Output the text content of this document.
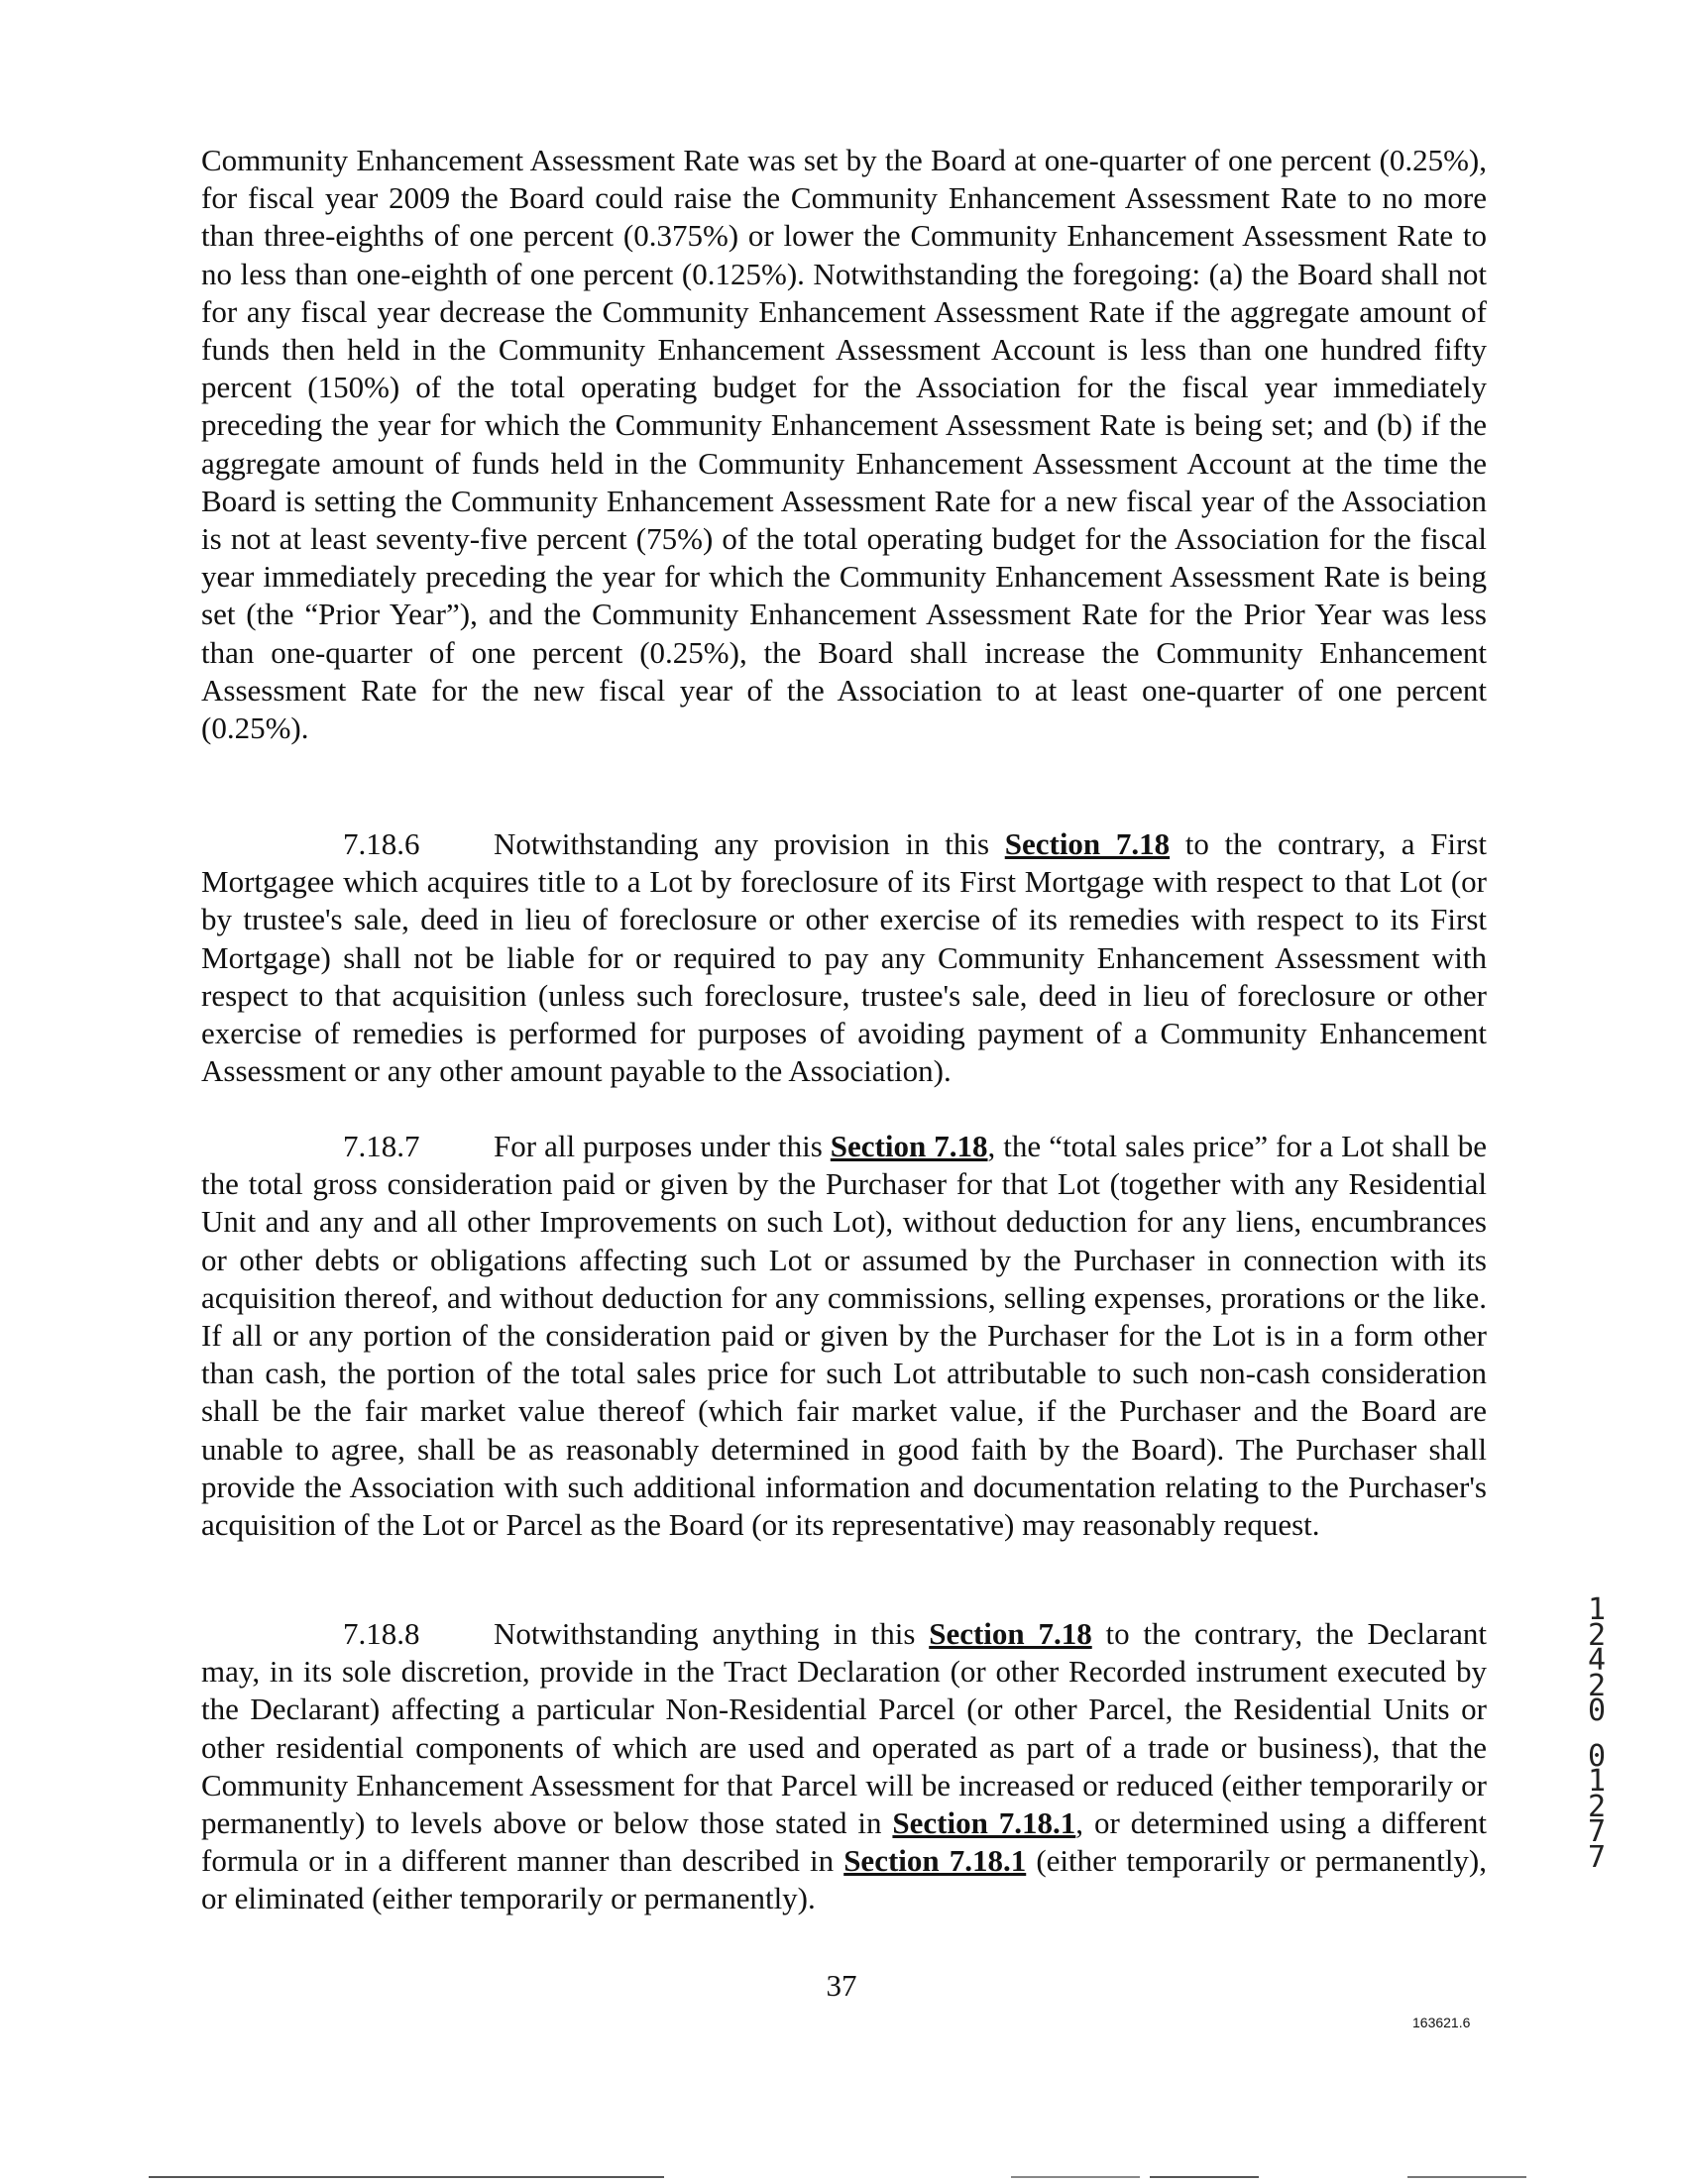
Community Enhancement Assessment Rate was set by the Board at one-quarter of one percent (0.25%), for fiscal year 2009 the Board could raise the Community Enhancement Assessment Rate to no more than three-eighths of one percent (0.375%) or lower the Community Enhancement Assessment Rate to no less than one-eighth of one percent (0.125%). Notwithstanding the foregoing: (a) the Board shall not for any fiscal year decrease the Community Enhancement Assessment Rate if the aggregate amount of funds then held in the Community Enhancement Assessment Account is less than one hundred fifty percent (150%) of the total operating budget for the Association for the fiscal year immediately preceding the year for which the Community Enhancement Assessment Rate is being set; and (b) if the aggregate amount of funds held in the Community Enhancement Assessment Account at the time the Board is setting the Community Enhancement Assessment Rate for a new fiscal year of the Association is not at least seventy-five percent (75%) of the total operating budget for the Association for the fiscal year immediately preceding the year for which the Community Enhancement Assessment Rate is being set (the “Prior Year”), and the Community Enhancement Assessment Rate for the Prior Year was less than one-quarter of one percent (0.25%), the Board shall increase the Community Enhancement Assessment Rate for the new fiscal year of the Association to at least one-quarter of one percent (0.25%).

7.18.6 Notwithstanding any provision in this Section 7.18 to the contrary, a First Mortgagee which acquires title to a Lot by foreclosure of its First Mortgage with respect to that Lot (or by trustee's sale, deed in lieu of foreclosure or other exercise of its remedies with respect to its First Mortgage) shall not be liable for or required to pay any Community Enhancement Assessment with respect to that acquisition (unless such foreclosure, trustee's sale, deed in lieu of foreclosure or other exercise of remedies is performed for purposes of avoiding payment of a Community Enhancement Assessment or any other amount payable to the Association).

7.18.7 For all purposes under this Section 7.18, the “total sales price” for a Lot shall be the total gross consideration paid or given by the Purchaser for that Lot (together with any Residential Unit and any and all other Improvements on such Lot), without deduction for any liens, encumbrances or other debts or obligations affecting such Lot or assumed by the Purchaser in connection with its acquisition thereof, and without deduction for any commissions, selling expenses, prorations or the like. If all or any portion of the consideration paid or given by the Purchaser for the Lot is in a form other than cash, the portion of the total sales price for such Lot attributable to such non-cash consideration shall be the fair market value thereof (which fair market value, if the Purchaser and the Board are unable to agree, shall be as reasonably determined in good faith by the Board). The Purchaser shall provide the Association with such additional information and documentation relating to the Purchaser's acquisition of the Lot or Parcel as the Board (or its representative) may reasonably request.

7.18.8 Notwithstanding anything in this Section 7.18 to the contrary, the Declarant may, in its sole discretion, provide in the Tract Declaration (or other Recorded instrument executed by the Declarant) affecting a particular Non-Residential Parcel (or other Parcel, the Residential Units or other residential components of which are used and operated as part of a trade or business), that the Community Enhancement Assessment for that Parcel will be increased or reduced (either temporarily or permanently) to levels above or below those stated in Section 7.18.1, or determined using a different formula or in a different manner than described in Section 7.18.1 (either temporarily or permanently), or eliminated (either temporarily or permanently).

1
2
4
2
0
0
1
2
7
7
37
163621.6
